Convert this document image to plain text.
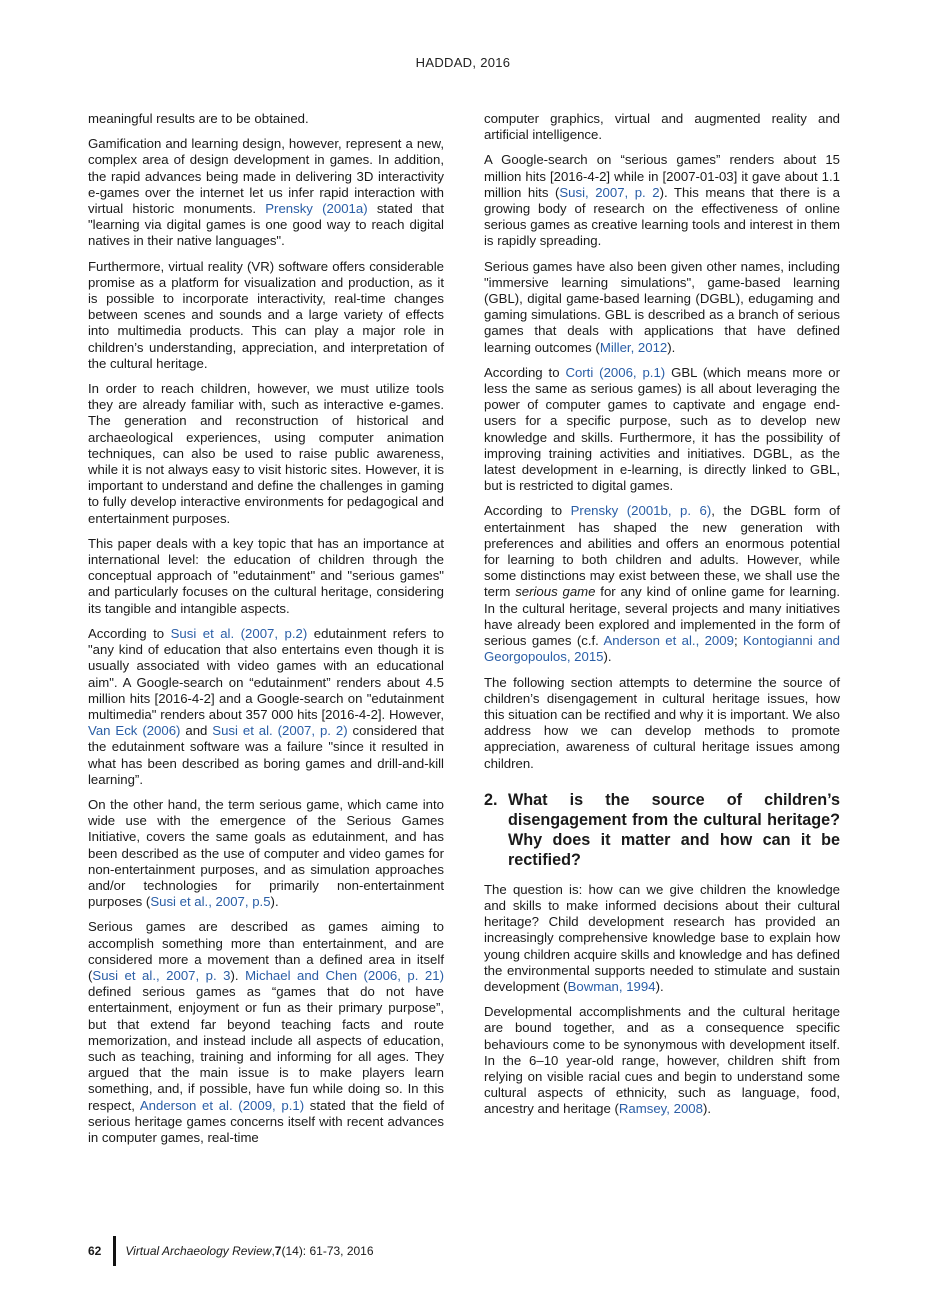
HADDAD, 2016

meaningful results are to be obtained.

Gamification and learning design, however, represent a new, complex area of design development in games. In addition, the rapid advances being made in delivering 3D interactivity e-games over the internet let us infer rapid interaction with virtual historic monuments. Prensky (2001a) stated that "learning via digital games is one good way to reach digital natives in their native languages".

Furthermore, virtual reality (VR) software offers considerable promise as a platform for visualization and production, as it is possible to incorporate interactivity, real-time changes between scenes and sounds and a large variety of effects into multimedia products. This can play a major role in children’s understanding, appreciation, and interpretation of the cultural heritage.

In order to reach children, however, we must utilize tools they are already familiar with, such as interactive e-games. The generation and reconstruction of historical and archaeological experiences, using computer animation techniques, can also be used to raise public awareness, while it is not always easy to visit historic sites. However, it is important to understand and define the challenges in gaming to fully develop interactive environments for pedagogical and entertainment purposes.

This paper deals with a key topic that has an importance at international level: the education of children through the conceptual approach of "edutainment" and "serious games" and particularly focuses on the cultural heritage, considering its tangible and intangible aspects.

According to Susi et al. (2007, p.2) edutainment refers to "any kind of education that also entertains even though it is usually associated with video games with an educational aim". A Google-search on “edutainment” renders about 4.5 million hits [2016-4-2] and a Google-search on "edutainment multimedia" renders about 357 000 hits [2016-4-2]. However, Van Eck (2006) and Susi et al. (2007, p. 2) considered that the edutainment software was a failure "since it resulted in what has been described as boring games and drill-and-kill learning”.

On the other hand, the term serious game, which came into wide use with the emergence of the Serious Games Initiative, covers the same goals as edutainment, and has been described as the use of computer and video games for non-entertainment purposes, and as simulation approaches and/or technologies for primarily non-entertainment purposes (Susi et al., 2007, p.5).

Serious games are described as games aiming to accomplish something more than entertainment, and are considered more a movement than a defined area in itself (Susi et al., 2007, p. 3). Michael and Chen (2006, p. 21) defined serious games as “games that do not have entertainment, enjoyment or fun as their primary purpose”, but that extend far beyond teaching facts and route memorization, and instead include all aspects of education, such as teaching, training and informing for all ages. They argued that the main issue is to make players learn something, and, if possible, have fun while doing so. In this respect, Anderson et al. (2009, p.1) stated that the field of serious heritage games concerns itself with recent advances in computer games, real-time

computer graphics, virtual and augmented reality and artificial intelligence.

A Google-search on “serious games” renders about 15 million hits [2016-4-2] while in [2007-01-03] it gave about 1.1 million hits (Susi, 2007, p. 2). This means that there is a growing body of research on the effectiveness of online serious games as creative learning tools and interest in them is rapidly spreading.

Serious games have also been given other names, including "immersive learning simulations", game-based learning (GBL), digital game-based learning (DGBL), edugaming and gaming simulations. GBL is described as a branch of serious games that deals with applications that have defined learning outcomes (Miller, 2012).

According to Corti (2006, p.1) GBL (which means more or less the same as serious games) is all about leveraging the power of computer games to captivate and engage end-users for a specific purpose, such as to develop new knowledge and skills. Furthermore, it has the possibility of improving training activities and initiatives. DGBL, as the latest development in e-learning, is directly linked to GBL, but is restricted to digital games.

According to Prensky (2001b, p. 6), the DGBL form of entertainment has shaped the new generation with preferences and abilities and offers an enormous potential for learning to both children and adults. However, while some distinctions may exist between these, we shall use the term serious game for any kind of online game for learning. In the cultural heritage, several projects and many initiatives have already been explored and implemented in the form of serious games (c.f. Anderson et al., 2009; Kontogianni and Georgopoulos, 2015).

The following section attempts to determine the source of children’s disengagement in cultural heritage issues, how this situation can be rectified and why it is important. We also address how we can develop methods to promote appreciation, awareness of cultural heritage issues among children.

2. What is the source of children’s disengagement from the cultural heritage? Why does it matter and how can it be rectified?

The question is: how can we give children the knowledge and skills to make informed decisions about their cultural heritage? Child development research has provided an increasingly comprehensive knowledge base to explain how young children acquire skills and knowledge and has defined the environmental supports needed to stimulate and sustain development (Bowman, 1994).

Developmental accomplishments and the cultural heritage are bound together, and as a consequence specific behaviours come to be synonymous with development itself. In the 6–10 year-old range, however, children shift from relying on visible racial cues and begin to understand some cultural aspects of ethnicity, such as language, food, ancestry and heritage (Ramsey, 2008).

62 Virtual Archaeology Review , 7 (14): 61-73, 2016
